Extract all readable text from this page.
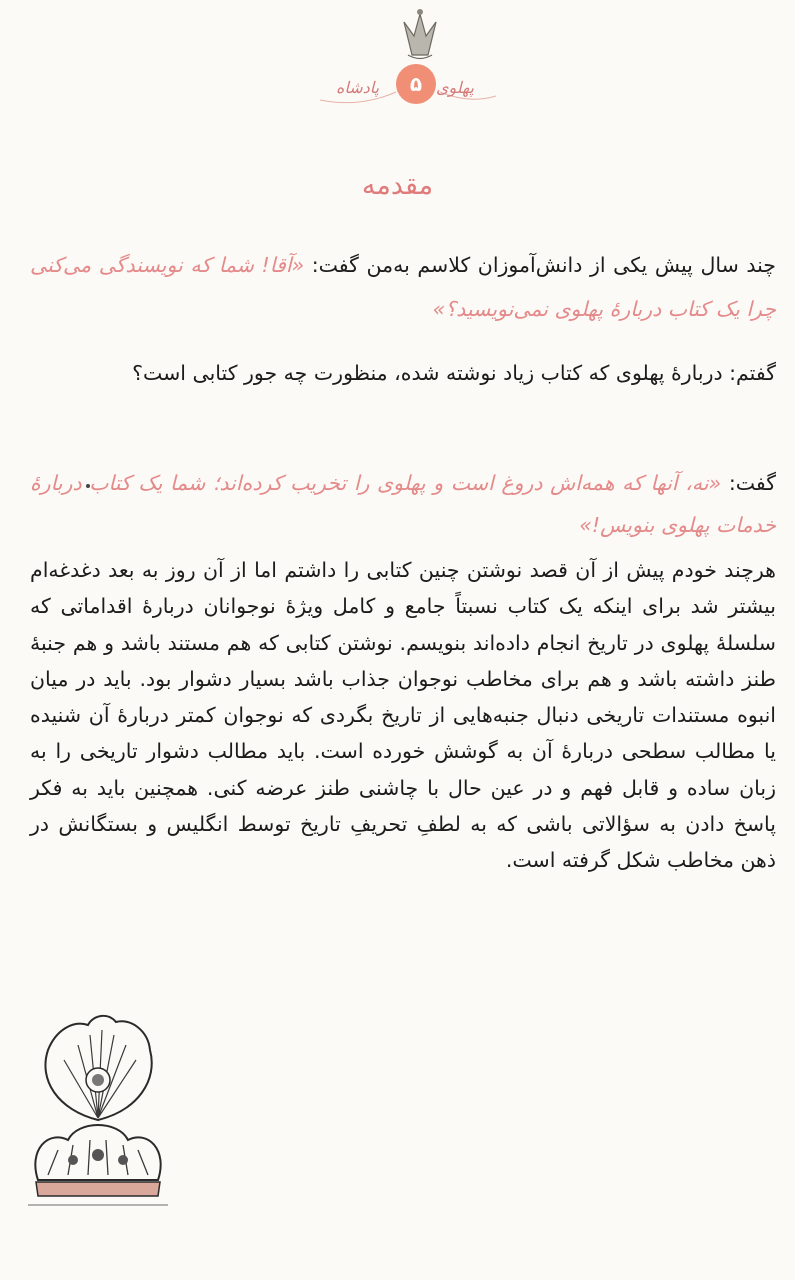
پادشاه	۵ پهلوی
مقدمه
چند سال پیش یکی از دانش‌آموزان کلاسم به‌من گفت: «آقا! شما که نویسندگی می‌کنی چرا یک کتاب دربارهٔ پهلوی نمی‌نویسید؟»
گفتم: دربارهٔ پهلوی که کتاب زیاد نوشته شده، منظورت چه جور کتابی است؟
گفت: «نه، آنها که همه‌اش دروغ است و پهلوی را تخریب کرده‌اند؛ شما یک کتاب دربارهٔ خدمات پهلوی بنویس!»
هرچند خودم پیش از آن قصد نوشتن چنین کتابی را داشتم اما از آن روز به بعد دغدغه‌ام بیشتر شد برای اینکه یک کتاب نسبتاً جامع و کامل ویژهٔ نوجوانان دربارهٔ اقداماتی که سلسلهٔ پهلوی در تاریخ انجام داده‌اند بنویسم. نوشتن کتابی که هم مستند باشد و هم جنبهٔ طنز داشته باشد و هم برای مخاطب نوجوان جذاب باشد بسیار دشوار بود. باید در میان انبوه مستندات تاریخی دنبال جنبه‌هایی از تاریخ بگردی که نوجوان کمتر دربارهٔ آن شنیده یا مطالب سطحی دربارهٔ آن به گوشش خورده است. باید مطالب دشوار تاریخی را به زبان ساده و قابل فهم و در عین حال با چاشنی طنز عرضه کنی. همچنین باید به فکر پاسخ دادن به سؤالاتی باشی که به لطفِ تحریفِ تاریخ توسط انگلیس و بستگانش در ذهن مخاطب شکل گرفته است.
